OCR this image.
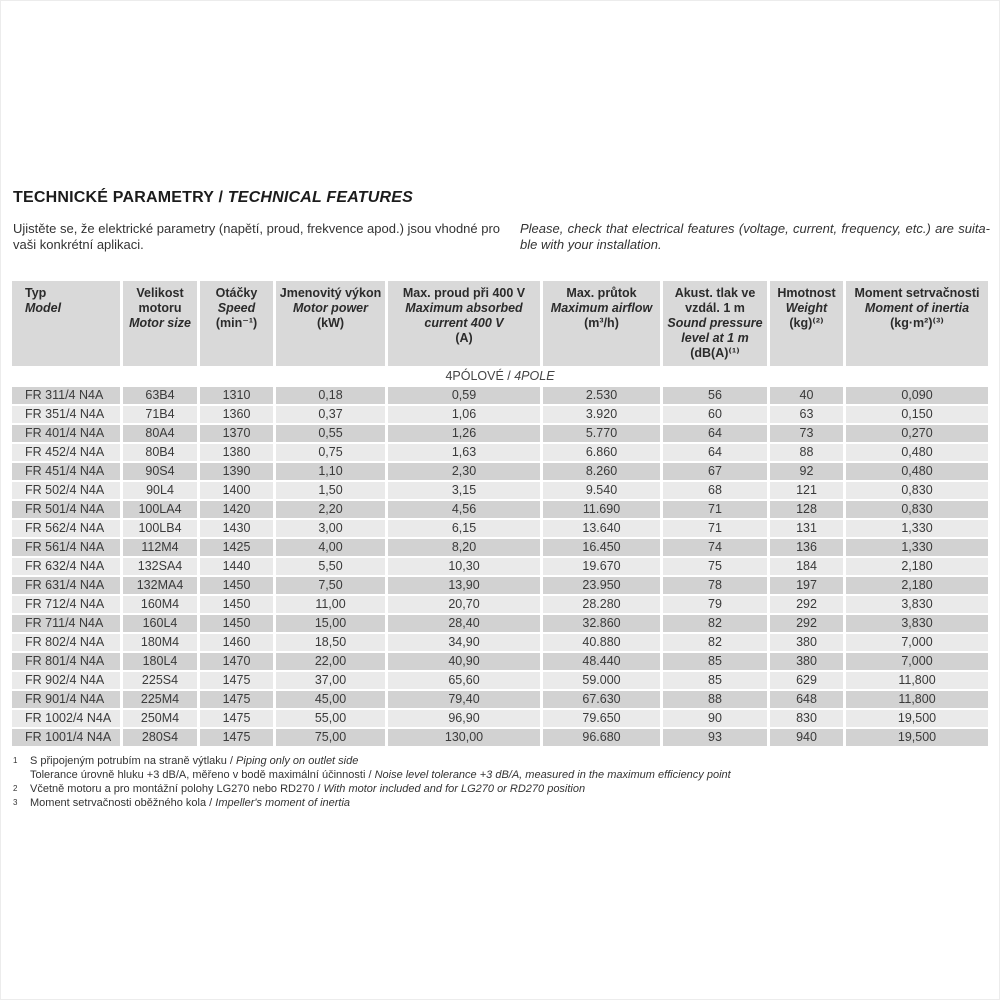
TECHNICKÉ PARAMETRY / TECHNICAL FEATURES

Ujistěte se, že elektrické parametry (napětí, proud, frekvence apod.) jsou vhodné pro vaši konkrétní aplikaci.

Please, check that electrical features (voltage, current, frequency, etc.) are suitable with your installation.

Typ
Model

Velikost motoru
Motor size

Otáčky
Speed
(min⁻¹)

Jmenovitý výkon
Motor power
(kW)

Max. proud při 400 V
Maximum absorbed current 400 V
(A)

Max. průtok
Maximum airflow
(m³/h)

Akust. tlak ve vzdál. 1 m
Sound pressure level at 1 m
(dB(A)⁽¹⁾

Hmotnost
Weight
(kg)⁽²⁾

Moment setrvačnosti
Moment of inertia
(kg·m²)⁽³⁾

4PÓLOVÉ / 4POLE								
FR 311/4 N4A	63B4	1310	0,18	0,59	2.530	56	40	0,090
FR 351/4 N4A	71B4	1360	0,37	1,06	3.920	60	63	0,150
FR 401/4 N4A	80A4	1370	0,55	1,26	5.770	64	73	0,270
FR 452/4 N4A	80B4	1380	0,75	1,63	6.860	64	88	0,480
FR 451/4 N4A	90S4	1390	1,10	2,30	8.260	67	92	0,480
FR 502/4 N4A	90L4	1400	1,50	3,15	9.540	68	121	0,830
FR 501/4 N4A	100LA4	1420	2,20	4,56	11.690	71	128	0,830
FR 562/4 N4A	100LB4	1430	3,00	6,15	13.640	71	131	1,330
FR 561/4 N4A	112M4	1425	4,00	8,20	16.450	74	136	1,330
FR 632/4 N4A	132SA4	1440	5,50	10,30	19.670	75	184	2,180
FR 631/4 N4A	132MA4	1450	7,50	13,90	23.950	78	197	2,180
FR 712/4 N4A	160M4	1450	11,00	20,70	28.280	79	292	3,830
FR 711/4 N4A	160L4	1450	15,00	28,40	32.860	82	292	3,830
FR 802/4 N4A	180M4	1460	18,50	34,90	40.880	82	380	7,000
FR 801/4 N4A	180L4	1470	22,00	40,90	48.440	85	380	7,000
FR 902/4 N4A	225S4	1475	37,00	65,60	59.000	85	629	11,800
FR 901/4 N4A	225M4	1475	45,00	79,40	67.630	88	648	11,800
FR 1002/4 N4A	250M4	1475	55,00	96,90	79.650	90	830	19,500
FR 1001/4 N4A	280S4	1475	75,00	130,00	96.680	93	940	19,500
$^1$ S připojeným potrubím na straně výtlaku / Piping only on outlet side
Tolerance úrovně hluku +3 dB/A, měřeno v bodě maximální účinnosti / Noise level tolerance +3 dB/A, measured in the maximum efficiency point
$^2$ Včetně motoru a pro montážní polohy LG270 nebo RD270 / With motor included and for LG270 or RD270 position
$^3$ Moment setrvačnosti oběžného kola / Impeller's moment of inertia
